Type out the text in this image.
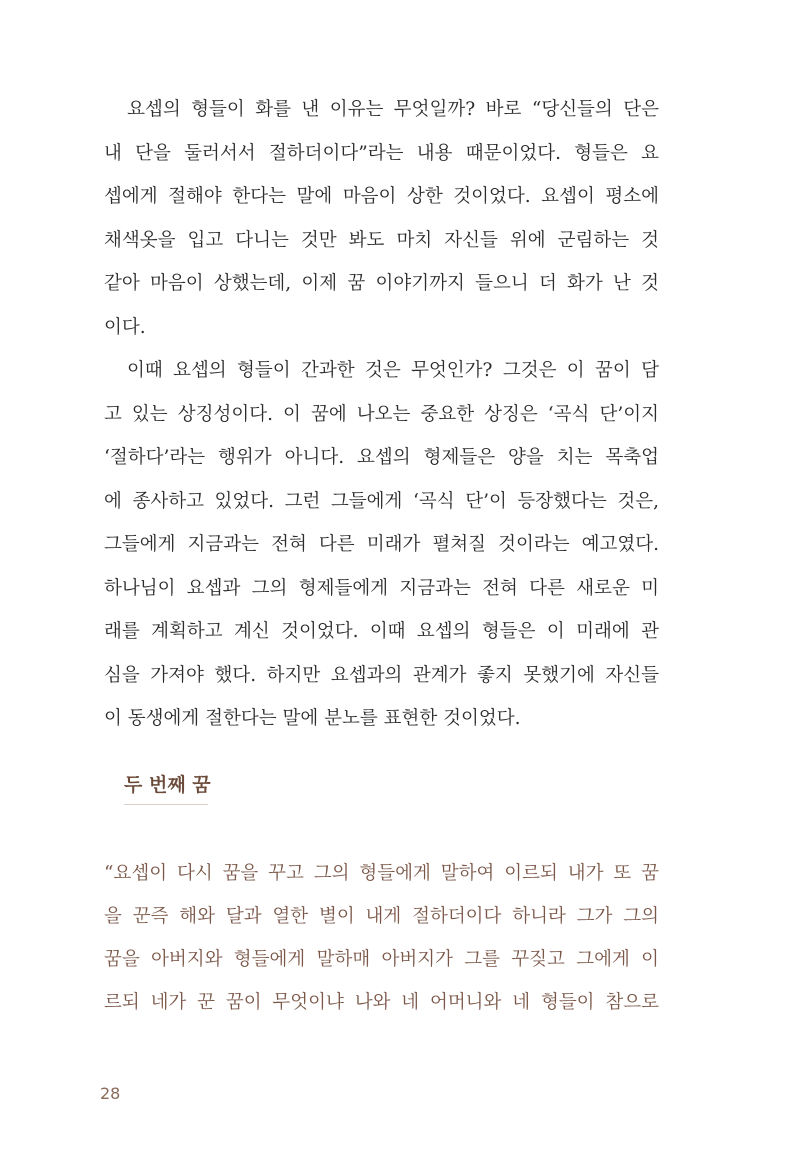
　요셉의 형들이 화를 낸 이유는 무엇일까? 바로 “당신들의 단은
내 단을 둘러서서 절하더이다”라는 내용 때문이었다. 형들은 요
셉에게 절해야 한다는 말에 마음이 상한 것이었다. 요셉이 평소에
채색옷을 입고 다니는 것만 봐도 마치 자신들 위에 군림하는 것
같아 마음이 상했는데, 이제 꿈 이야기까지 들으니 더 화가 난 것
이다.

　이때 요셉의 형들이 간과한 것은 무엇인가? 그것은 이 꿈이 담
고 있는 상징성이다. 이 꿈에 나오는 중요한 상징은 ‘곡식 단’이지
‘절하다’라는 행위가 아니다. 요셉의 형제들은 양을 치는 목축업
에 종사하고 있었다. 그런 그들에게 ‘곡식 단’이 등장했다는 것은,
그들에게 지금과는 전혀 다른 미래가 펼쳐질 것이라는 예고였다.
하나님이 요셉과 그의 형제들에게 지금과는 전혀 다른 새로운 미
래를 계획하고 계신 것이었다. 이때 요셉의 형들은 이 미래에 관
심을 가져야 했다. 하지만 요셉과의 관계가 좋지 못했기에 자신들
이 동생에게 절한다는 말에 분노를 표현한 것이었다.

두 번째 꿈
“요셉이 다시 꿈을 꾸고 그의 형들에게 말하여 이르되 내가 또 꿈
을 꾼즉 해와 달과 열한 별이 내게 절하더이다 하니라 그가 그의
꿈을 아버지와 형들에게 말하매 아버지가 그를 꾸짖고 그에게 이
르되 네가 꾼 꿈이 무엇이냐 나와 네 어머니와 네 형들이 참으로
28
